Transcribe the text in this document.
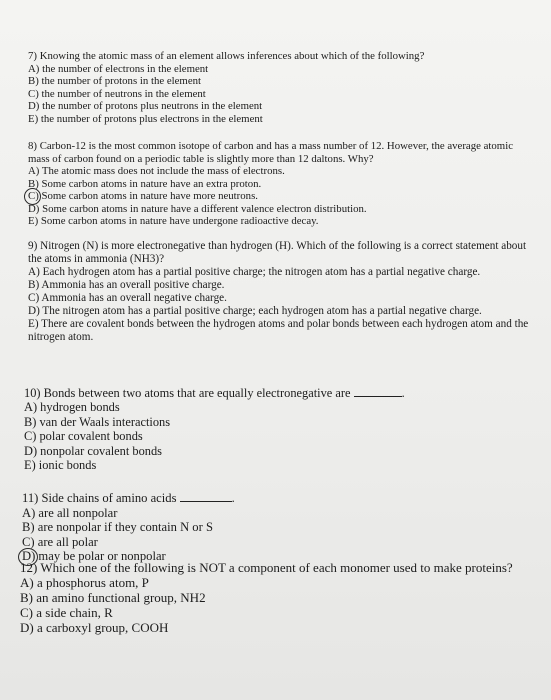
7) Knowing the atomic mass of an element allows inferences about which of the following?
A) the number of electrons in the element
B) the number of protons in the element
C) the number of neutrons in the element
D) the number of protons plus neutrons in the element
E) the number of protons plus electrons in the element
8) Carbon-12 is the most common isotope of carbon and has a mass number of 12. However, the average atomic mass of carbon found on a periodic table is slightly more than 12 daltons. Why?
A) The atomic mass does not include the mass of electrons.
B) Some carbon atoms in nature have an extra proton.
C) Some carbon atoms in nature have more neutrons.
D) Some carbon atoms in nature have a different valence electron distribution.
E) Some carbon atoms in nature have undergone radioactive decay.
9) Nitrogen (N) is more electronegative than hydrogen (H). Which of the following is a correct statement about the atoms in ammonia (NH3)?
A) Each hydrogen atom has a partial positive charge; the nitrogen atom has a partial negative charge.
B) Ammonia has an overall positive charge.
C) Ammonia has an overall negative charge.
D) The nitrogen atom has a partial positive charge; each hydrogen atom has a partial negative charge.
E) There are covalent bonds between the hydrogen atoms and polar bonds between each hydrogen atom and the nitrogen atom.
10) Bonds between two atoms that are equally electronegative are	.
A) hydrogen bonds
B) van der Waals interactions
C) polar covalent bonds
D) nonpolar covalent bonds
E) ionic bonds
11) Side chains of amino acids	.
A) are all nonpolar
B) are nonpolar if they contain N or S
C) are all polar
D) may be polar or nonpolar
12) Which one of the following is NOT a component of each monomer used to make proteins?
A) a phosphorus atom, P
B) an amino functional group, NH2
C) a side chain, R
D) a carboxyl group, COOH
